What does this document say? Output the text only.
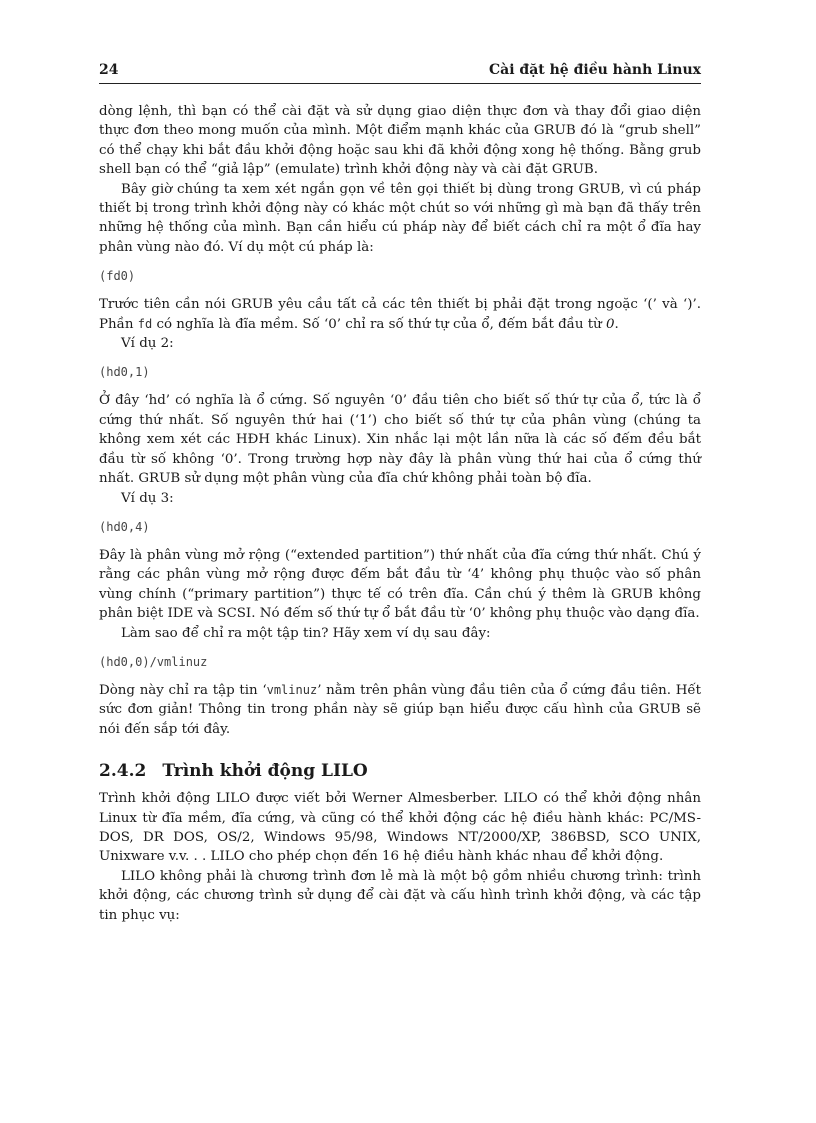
24	Cài đặt hệ điều hành Linux

dòng lệnh, thì bạn có thể cài đặt và sử dụng giao diện thực đơn và thay đổi giao diện thực đơn theo mong muốn của mình. Một điểm mạnh khác của GRUB đó là “grub shell” có thể chạy khi bắt đầu khởi động hoặc sau khi đã khởi động xong hệ thống. Bằng grub shell bạn có thể “giả lập” (emulate) trình khởi động này và cài đặt GRUB.

Bây giờ chúng ta xem xét ngắn gọn về tên gọi thiết bị dùng trong GRUB, vì cú pháp thiết bị trong trình khởi động này có khác một chút so với những gì mà bạn đã thấy trên những hệ thống của mình. Bạn cần hiểu cú pháp này để biết cách chỉ ra một ổ đĩa hay phân vùng nào đó. Ví dụ một cú pháp là:

(fd0)

Trước tiên cần nói GRUB yêu cầu tất cả các tên thiết bị phải đặt trong ngoặc ‘(’ và ‘)’. Phần fd có nghĩa là đĩa mềm. Số ‘0’ chỉ ra số thứ tự của ổ, đếm bắt đầu từ 0.

Ví dụ 2:

(hd0,1)

Ở đây ‘hd’ có nghĩa là ổ cứng. Số nguyên ‘0’ đầu tiên cho biết số thứ tự của ổ, tức là ổ cứng thứ nhất. Số nguyên thứ hai (‘1’) cho biết số thứ tự của phân vùng (chúng ta không xem xét các HĐH khác Linux). Xin nhắc lại một lần nữa là các số đếm đều bắt đầu từ số không ‘0’. Trong trường hợp này đây là phân vùng thứ hai của ổ cứng thứ nhất. GRUB sử dụng một phân vùng của đĩa chứ không phải toàn bộ đĩa.

Ví dụ 3:

(hd0,4)

Đây là phân vùng mở rộng (“extended partition”) thứ nhất của đĩa cứng thứ nhất. Chú ý rằng các phân vùng mở rộng được đếm bắt đầu từ ‘4’ không phụ thuộc vào số phân vùng chính (“primary partition”) thực tế có trên đĩa. Cần chú ý thêm là GRUB không phân biệt IDE và SCSI. Nó đếm số thứ tự ổ bắt đầu từ ‘0’ không phụ thuộc vào dạng đĩa.

Làm sao để chỉ ra một tập tin? Hãy xem ví dụ sau đây:

(hd0,0)/vmlinuz

Dòng này chỉ ra tập tin ‘vmlinuz’ nằm trên phân vùng đầu tiên của ổ cứng đầu tiên. Hết sức đơn giản! Thông tin trong phần này sẽ giúp bạn hiểu được cấu hình của GRUB sẽ nói đến sắp tới đây.

2.4.2 Trình khởi động LILO

Trình khởi động LILO được viết bởi Werner Almesberber. LILO có thể khởi động nhân Linux từ đĩa mềm, đĩa cứng, và cũng có thể khởi động các hệ điều hành khác: PC/MS-DOS, DR DOS, OS/2, Windows 95/98, Windows NT/2000/XP, 386BSD, SCO UNIX, Unixware v.v. . . LILO cho phép chọn đến 16 hệ điều hành khác nhau để khởi động.

LILO không phải là chương trình đơn lẻ mà là một bộ gồm nhiều chương trình: trình khởi động, các chương trình sử dụng để cài đặt và cấu hình trình khởi động, và các tập tin phục vụ:
